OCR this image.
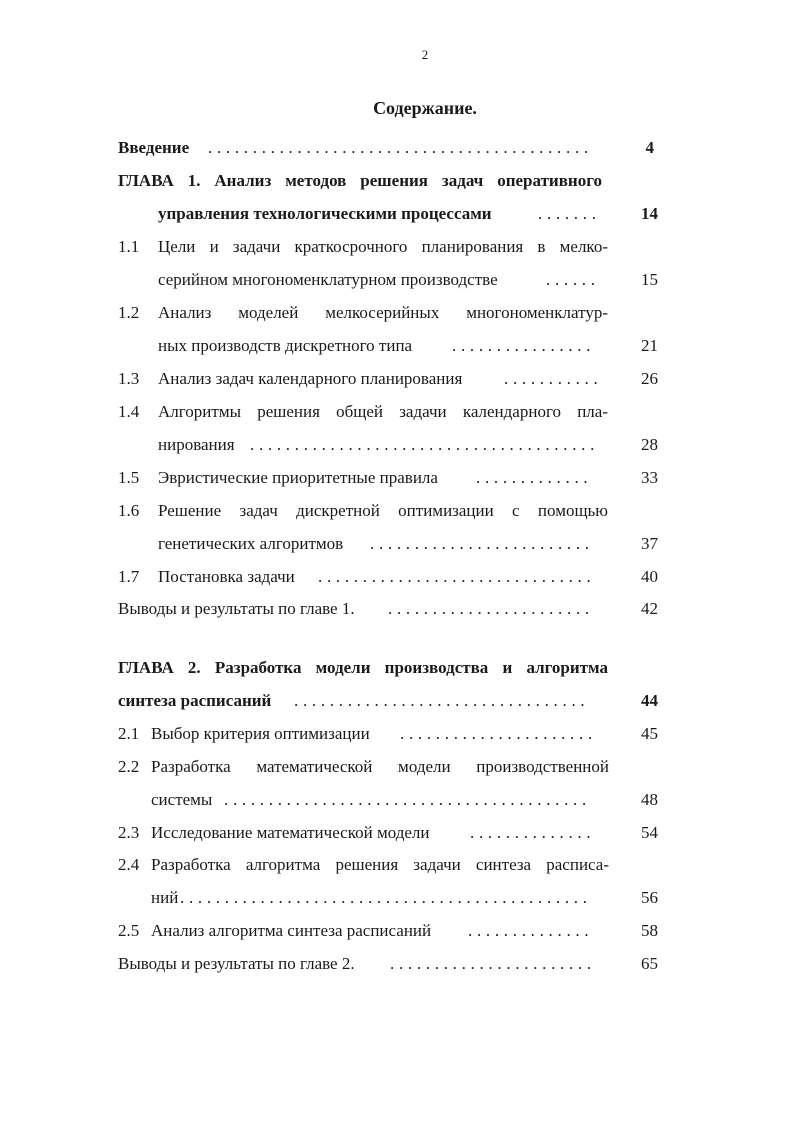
2
Содержание.
Введение ...........................................	4
ГЛАВА 1. Анализ методов решения задач оперативного
управления технологическими процессами	.......	14
1.1 Цели и задачи краткосрочного планирования в мелко-
серийном многономенклатурном производстве	......	15
1.2 Анализ моделей мелкосерийных многономенклатур-
ных производств дискретного типа ................	21
1.3 Анализ задач календарного планирования ...........	26
1.4 Алгоритмы решения общей задачи календарного пла-
нирования .......................................	28
1.5 Эвристические приоритетные правила .............	33
1.6 Решение задач дискретной оптимизации с помощью
генетических алгоритмов .........................	37
1.7 Постановка задачи ...............................	40
Выводы и результаты по главе 1. .......................	42
ГЛАВА 2. Разработка модели производства и алгоритма
синтеза расписаний .................................	44
2.1 Выбор критерия оптимизации ......................	45
2.2 Разработка математической модели производственной
системы .........................................	48
2.3 Исследование математической модели ..............	54
2.4 Разработка алгоритма решения задачи синтеза расписа-
ний ..............................................	56
2.5 Анализ алгоритма синтеза расписаний ..............	58
Выводы и результаты по главе 2. .......................	65
